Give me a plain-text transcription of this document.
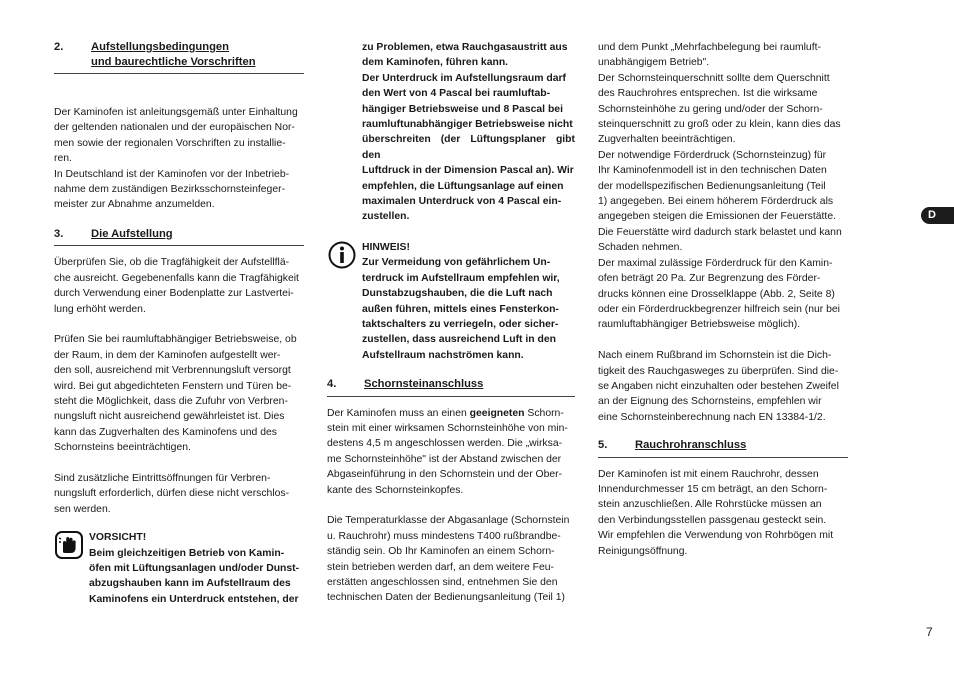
2.	Aufstellungsbedingungen
und baurechtliche Vorschriften

Der Kaminofen ist anleitungsgemäß unter Einhaltung
der geltenden nationalen und der europäischen Nor-
men sowie der regionalen Vorschriften zu installie-
ren.

In Deutschland ist der Kaminofen vor der Inbetrieb-
nahme dem zuständigen Bezirksschornsteinfeger-
meister zur Abnahme anzumelden.

3.	Die Aufstellung

Überprüfen Sie, ob die Tragfähigkeit der Aufstellflä-
che ausreicht. Gegebenenfalls kann die Tragfähigkeit
durch Verwendung einer Bodenplatte zur Lastvertei-
lung erhöht werden.

Prüfen Sie bei raumluftabhängiger Betriebsweise, ob
der Raum, in dem der Kaminofen aufgestellt wer-
den soll, ausreichend mit Verbrennungsluft versorgt
wird. Bei gut abgedichteten Fenstern und Türen be-
steht die Möglichkeit, dass die Zufuhr von Verbren-
nungsluft nicht ausreichend gewährleistet ist. Dies
kann das Zugverhalten des Kaminofens und des
Schornsteins beeinträchtigen.

Sind zusätzliche Eintrittsöffnungen für Verbren-
nungsluft erforderlich, dürfen diese nicht verschlos-
sen werden.

VORSICHT!

Beim gleichzeitigen Betrieb von Kamin-
öfen mit Lüftungsanlagen und/oder Dunst-
abzugshauben kann im Aufstellraum des
Kaminofens ein Unterdruck entstehen, der

zu Problemen, etwa Rauchgasaustritt aus
dem Kaminofen, führen kann.
Der Unterdruck im Aufstellungsraum darf
den Wert von 4 Pascal bei raumluftab-
hängiger Betriebsweise und 8 Pascal bei
raumluftunabhängiger Betriebsweise nicht
überschreiten (der Lüftungsplaner gibt den
Luftdruck in der Dimension Pascal an). Wir
empfehlen, die Lüftungsanlage auf einen
maximalen Unterdruck von 4 Pascal ein-
zustellen.

HINWEIS!

Zur Vermeidung von gefährlichem Un-
terdruck im Aufstellraum empfehlen wir,
Dunstabzugshauben, die die Luft nach
außen führen, mittels eines Fensterkon-
taktschalters zu verriegeln, oder sicher-
zustellen, dass ausreichend Luft in den
Aufstellraum nachströmen kann.

4.	Schornsteinanschluss

Der Kaminofen muss an einen geeigneten Schorn-
stein mit einer wirksamen Schornsteinhöhe von min-
destens 4,5 m angeschlossen werden. Die „wirksa-
me Schornsteinhöhe" ist der Abstand zwischen der
Abgaseinführung in den Schornstein und der Ober-
kante des Schornsteinkopfes.

Die Temperaturklasse der Abgasanlage (Schornstein
u. Rauchrohr) muss mindestens T400 rußbrandbe-
ständig sein. Ob Ihr Kaminofen an einem Schorn-
stein betrieben werden darf, an dem weitere Feu-
erstätten angeschlossen sind, entnehmen Sie den
technischen Daten der Bedienungsanleitung (Teil 1)

und dem Punkt „Mehrfachbelegung bei raumluft-
unabhängigem Betrieb".
Der Schornsteinquerschnitt sollte dem Querschnitt
des Rauchrohres entsprechen. Ist die wirksame
Schornsteinhöhe zu gering und/oder der Schorn-
steinquerschnitt zu groß oder zu klein, kann dies das
Zugverhalten beeinträchtigen.
Der notwendige Förderdruck (Schornsteinzug) für
Ihr Kaminofenmodell ist in den technischen Daten
der modellspezifischen Bedienungsanleitung (Teil
1) angegeben. Bei einem höherem Förderdruck als
angegeben steigen die Emissionen der Feuerstätte.
Die Feuerstätte wird dadurch stark belastet und kann
Schaden nehmen.
Der maximal zulässige Förderdruck für den Kamin-
ofen beträgt 20 Pa. Zur Begrenzung des Förder-
drucks können eine Drosselklappe (Abb. 2, Seite 8)
oder ein Förderdruckbegrenzer hilfreich sein (nur bei
raumluftabhängiger Betriebsweise möglich).

Nach einem Rußbrand im Schornstein ist die Dich-
tigkeit des Rauchgasweges zu überprüfen. Sind die-
se Angaben nicht einzuhalten oder bestehen Zweifel
an der Eignung des Schornsteins, empfehlen wir
eine Schornsteinberechnung nach EN 13384-1/2.

5.	Rauchrohranschluss

Der Kaminofen ist mit einem Rauchrohr, dessen
Innendurchmesser 15 cm beträgt, an den Schorn-
stein anzuschließen. Alle Rohrstücke müssen an
den Verbindungsstellen passgenau gesteckt sein.
Wir empfehlen die Verwendung von Rohrbögen mit
Reinigungsöffnung.

D
7
